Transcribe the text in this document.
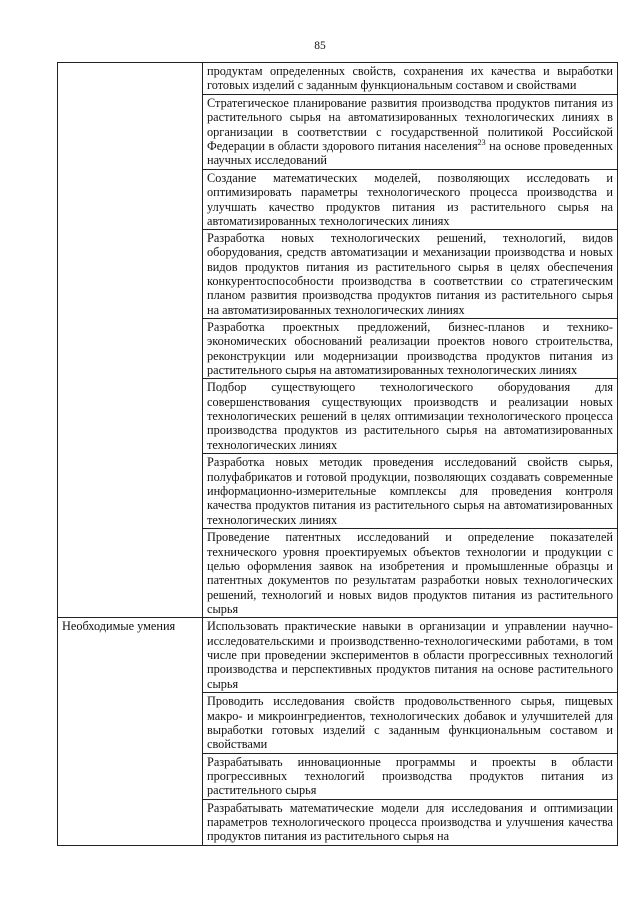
85
	продуктам определенных свойств, сохранения их качества и выработки готовых изделий с заданным функциональным составом и свойствами
	Стратегическое планирование развития производства продуктов питания из растительного сырья на автоматизированных технологических линиях в организации в соответствии с государственной политикой Российской Федерации в области здорового питания населения$^{23}$ на основе проведенных научных исследований
	Создание математических моделей, позволяющих исследовать и оптимизировать параметры технологического процесса производства и улучшать качество продуктов питания из растительного сырья на автоматизированных технологических линиях
	Разработка новых технологических решений, технологий, видов оборудования, средств автоматизации и механизации производства и новых видов продуктов питания из растительного сырья в целях обеспечения конкурентоспособности производства в соответствии со стратегическим планом развития производства продуктов питания из растительного сырья на автоматизированных технологических линиях
	Разработка проектных предложений, бизнес-планов и технико-экономических обоснований реализации проектов нового строительства, реконструкции или модернизации производства продуктов питания из растительного сырья на автоматизированных технологических линиях
	Подбор существующего технологического оборудования для совершенствования существующих производств и реализации новых технологических решений в целях оптимизации технологического процесса производства продуктов из растительного сырья на автоматизированных технологических линиях
	Разработка новых методик проведения исследований свойств сырья, полуфабрикатов и готовой продукции, позволяющих создавать современные информационно-измерительные комплексы для проведения контроля качества продуктов питания из растительного сырья на автоматизированных технологических линиях
	Проведение патентных исследований и определение показателей технического уровня проектируемых объектов технологии и продукции с целью оформления заявок на изобретения и промышленные образцы и патентных документов по результатам разработки новых технологических решений, технологий и новых видов продуктов питания из растительного сырья
Необходимые умения	Использовать практические навыки в организации и управлении научно-исследовательскими и производственно-технологическими работами, в том числе при проведении экспериментов в области прогрессивных технологий производства и перспективных продуктов питания на основе растительного сырья
	Проводить исследования свойств продовольственного сырья, пищевых макро- и микроингредиентов, технологических добавок и улучшителей для выработки готовых изделий с заданным функциональным составом и свойствами
	Разрабатывать инновационные программы и проекты в области прогрессивных технологий производства продуктов питания из растительного сырья
	Разрабатывать математические модели для исследования и оптимизации параметров технологического процесса производства и улучшения качества продуктов питания из растительного сырья на
